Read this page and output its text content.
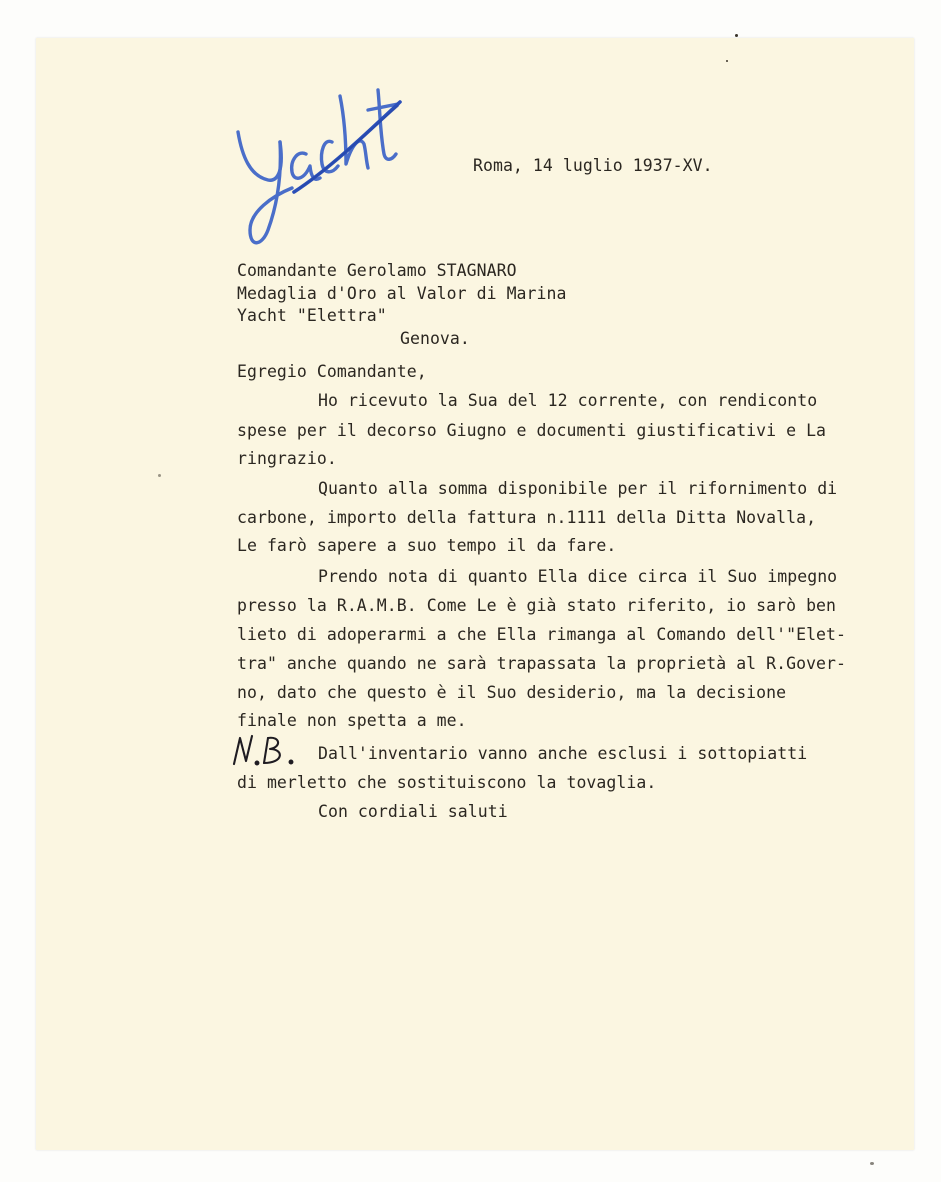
Roma, 14 luglio 1937-XV.
Comandante Gerolamo STAGNARO
Medaglia d'Oro al Valor di Marina
Yacht "Elettra"
Genova.
Egregio Comandante,
Ho ricevuto la Sua del 12 corrente, con rendiconto
spese per il decorso Giugno e documenti giustificativi e La
ringrazio.
Quanto alla somma disponibile per il rifornimento di
carbone, importo della fattura n.1111 della Ditta Novalla,
Le farò sapere a suo tempo il da fare.
Prendo nota di quanto Ella dice circa il Suo impegno
presso la R.A.M.B. Come Le è già stato riferito, io sarò ben
lieto di adoperarmi a che Ella rimanga al Comando dell'"Elet-
tra" anche quando ne sarà trapassata la proprietà al R.Gover-
no, dato che questo è il Suo desiderio, ma la decisione
finale non spetta a me.
Dall'inventario vanno anche esclusi i sottopiatti
di merletto che sostituiscono la tovaglia.
Con cordiali saluti
